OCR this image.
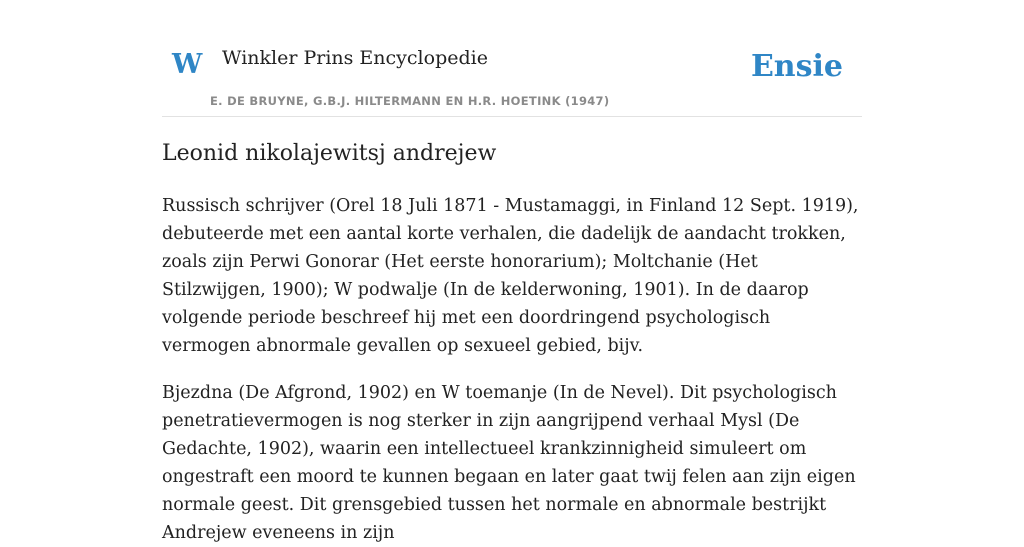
W Winkler Prins Encyclopedie
E. DE BRUYNE, G.B.J. HILTERMANN EN H.R. HOETINK (1947)
Ensie
Leonid nikolajewitsj andrejew

Russisch schrijver (Orel 18 Juli 1871 - Mustamaggi, in Finland 12 Sept. 1919), debuteerde met een aantal korte verhalen, die dadelijk de aandacht trokken, zoals zijn Perwi Gonorar (Het eerste honorarium); Moltchanie (Het Stilzwijgen, 1900); W podwalje (In de kelderwoning, 1901). In de daarop volgende periode beschreef hij met een doordringend psychologisch vermogen abnormale gevallen op sexueel gebied, bijv.

Bjezdna (De Afgrond, 1902) en W toemanje (In de Nevel). Dit psychologisch penetratievermogen is nog sterker in zijn aangrijpend verhaal Mysl (De Gedachte, 1902), waarin een intellectueel krankzinnigheid simuleert om ongestraft een moord te kunnen begaan en later gaat twij felen aan zijn eigen normale geest. Dit grensgebied tussen het normale en abnormale bestrijkt Andrejew eveneens in zijn
